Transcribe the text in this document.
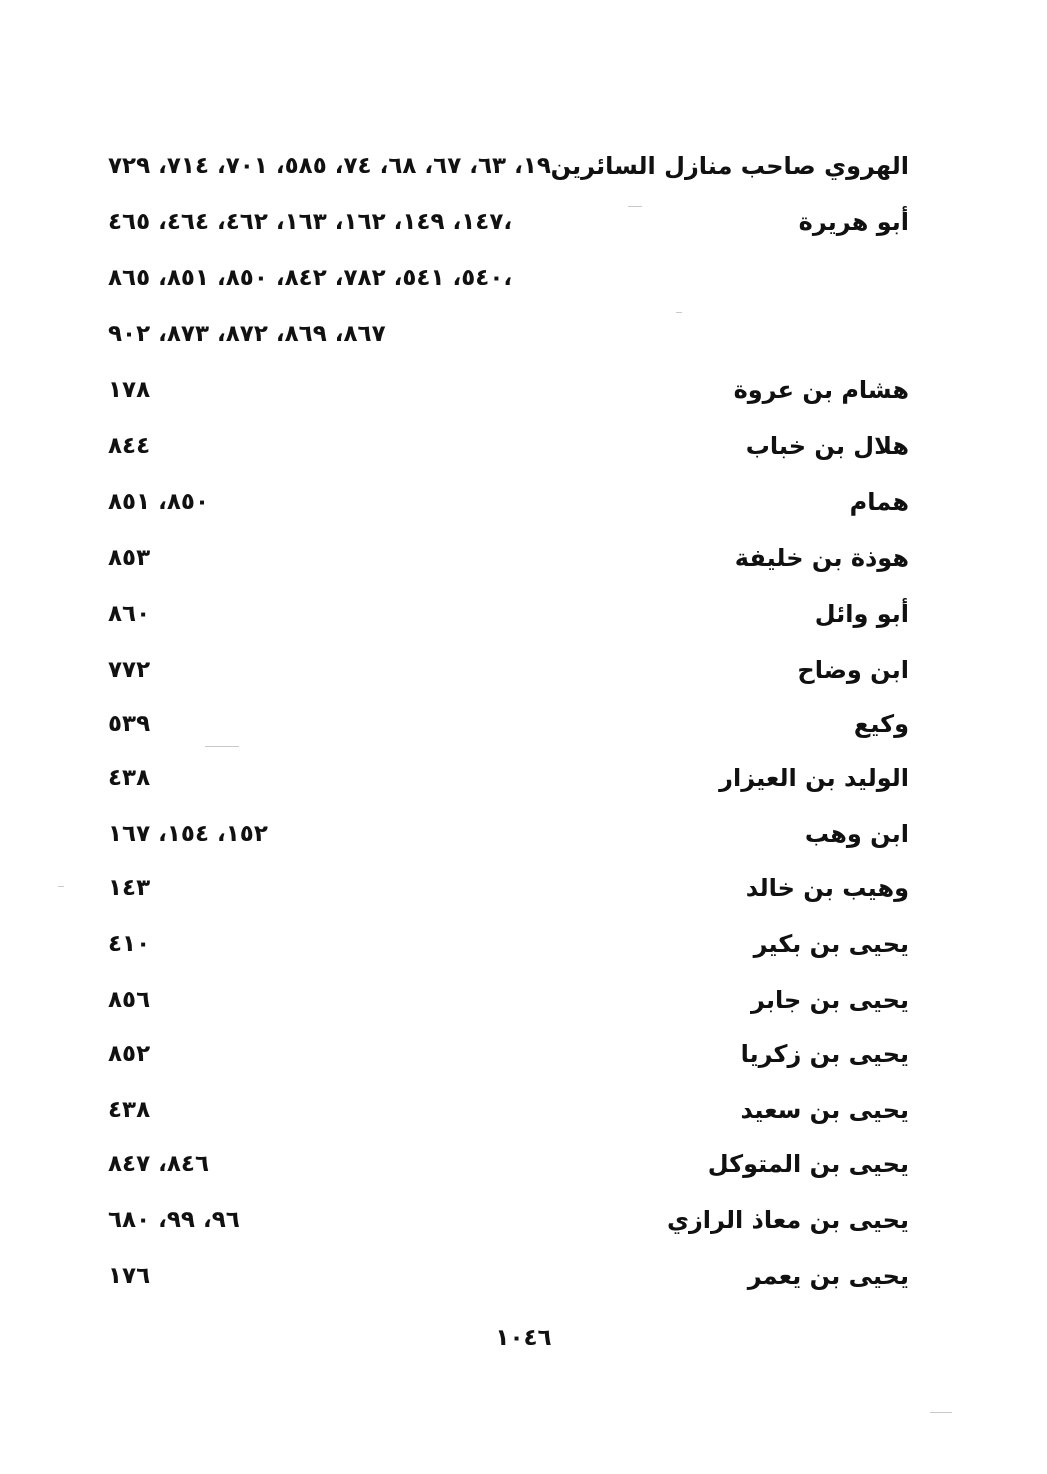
الهروي صاحب منازل السائرين
١٩، ٦٣، ٦٧، ٦٨، ٧٤، ٥٨٥، ٧٠١، ٧١٤، ٧٢٩
أبو هريرة
١٤٧، ١٤٩، ١٦٢، ١٦٣، ٤٦٢، ٤٦٤، ٤٦٥،
٥٤٠، ٥٤١، ٧٨٢، ٨٤٢، ٨٥٠، ٨٥١، ٨٦٥،
٨٦٧، ٨٦٩، ٨٧٢، ٨٧٣، ٩٠٢
هشام بن عروة
١٧٨
هلال بن خباب
٨٤٤
همام
٨٥٠، ٨٥١
هوذة بن خليفة
٨٥٣
أبو وائل
٨٦٠
ابن وضاح
٧٧٢
وكيع
٥٣٩
الوليد بن العيزار
٤٣٨
ابن وهب
١٥٢، ١٥٤، ١٦٧
وهيب بن خالد
١٤٣
يحيى بن بكير
٤١٠
يحيى بن جابر
٨٥٦
يحيى بن زكريا
٨٥٢
يحيى بن سعيد
٤٣٨
يحيى بن المتوكل
٨٤٦، ٨٤٧
يحيى بن معاذ الرازي
٩٦، ٩٩، ٦٨٠
يحيى بن يعمر
١٧٦
١٠٤٦
